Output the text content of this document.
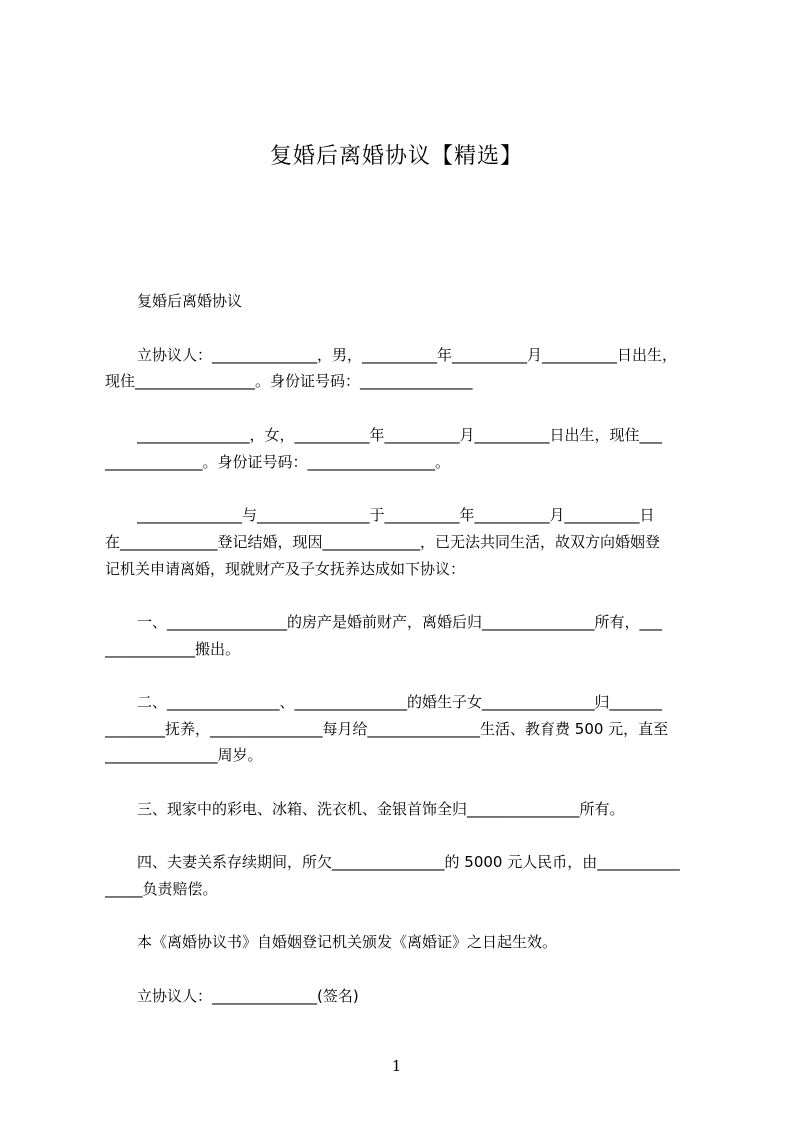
复婚后离婚协议【精选】
复婚后离婚协议
立协议人：______________，男，__________年__________月__________日出生，
现住________________。身份证号码：_______________
_______________，女，__________年__________月__________日出生，现住___
_____________。身份证号码：_________________。
______________与_______________于__________年__________月__________日
在_____________登记结婚，现因_____________，已无法共同生活，故双方向婚姻登
记机关申请离婚，现就财产及子女抚养达成如下协议：
一、________________的房产是婚前财产，离婚后归_______________所有，___
____________搬出。
二、_______________、_______________的婚生子女_______________归_______
________抚养，_______________每月给_______________生活、教育费 500 元，直至
_______________周岁。
三、现家中的彩电、冰箱、洗衣机、金银首饰全归_______________所有。
四、夫妻关系存续期间，所欠_______________的 5000 元人民币，由___________
_____负责赔偿。
本《离婚协议书》自婚姻登记机关颁发《离婚证》之日起生效。
立协议人：______________(签名)
1
